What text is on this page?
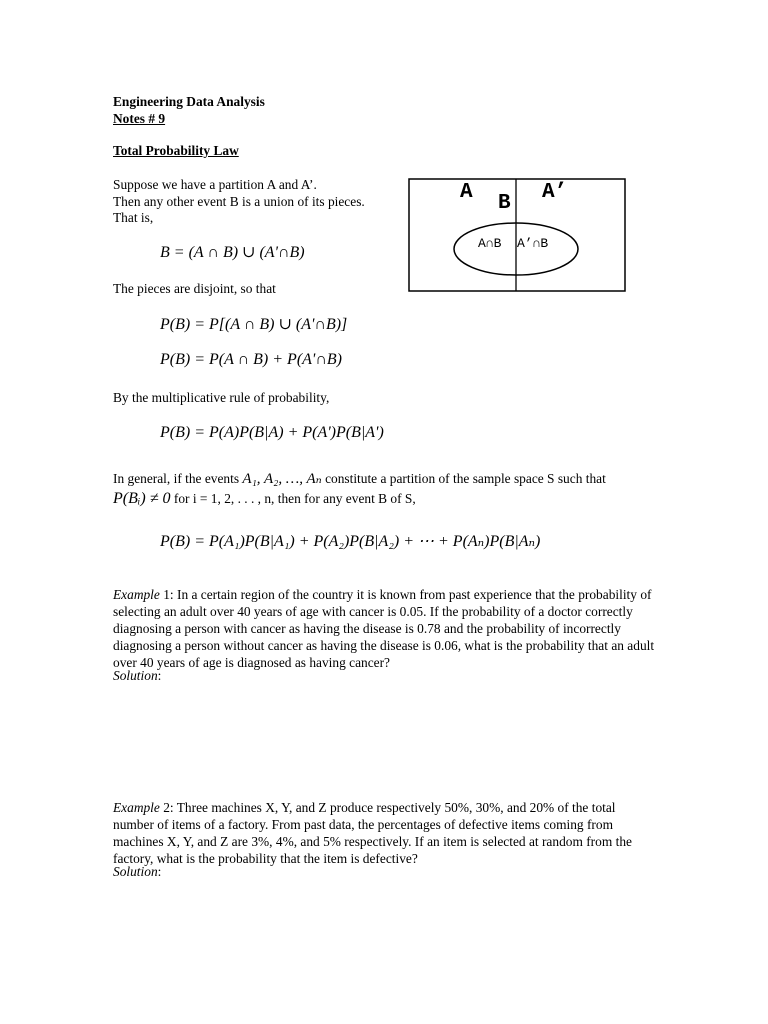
Engineering Data Analysis
Notes # 9
Total Probability Law
Suppose we have a partition A and A’.
Then any other event B is a union of its pieces.
That is,
B = (A ∩ B) ∪ (A'∩B)
The pieces are disjoint, so that
P(B) = P[(A ∩ B) ∪ (A'∩B)]
P(B) = P(A ∩ B) + P(A'∩B)
By the multiplicative rule of probability,
P(B) = P(A)P(B|A) + P(A')P(B|A')
A B A’
A∩B A’∩B
In general, if the events A₁, A₂, …, Aₙ constitute a partition of the sample space S such that
P(Bᵢ) ≠ 0 for i = 1, 2, . . . , n, then for any event B of S,
P(B) = P(A₁)P(B|A₁) + P(A₂)P(B|A₂) + ⋯ + P(Aₙ)P(B|Aₙ)
Example 1: In a certain region of the country it is known from past experience that the probability of selecting an adult over 40 years of age with cancer is 0.05. If the probability of a doctor correctly diagnosing a person with cancer as having the disease is 0.78 and the probability of incorrectly diagnosing a person without cancer as having the disease is 0.06, what is the probability that an adult over 40 years of age is diagnosed as having cancer?
Solution:
Example 2: Three machines X, Y, and Z produce respectively 50%, 30%, and 20% of the total number of items of a factory. From past data, the percentages of defective items coming from machines X, Y, and Z are 3%, 4%, and 5% respectively. If an item is selected at random from the factory, what is the probability that the item is defective?
Solution:
